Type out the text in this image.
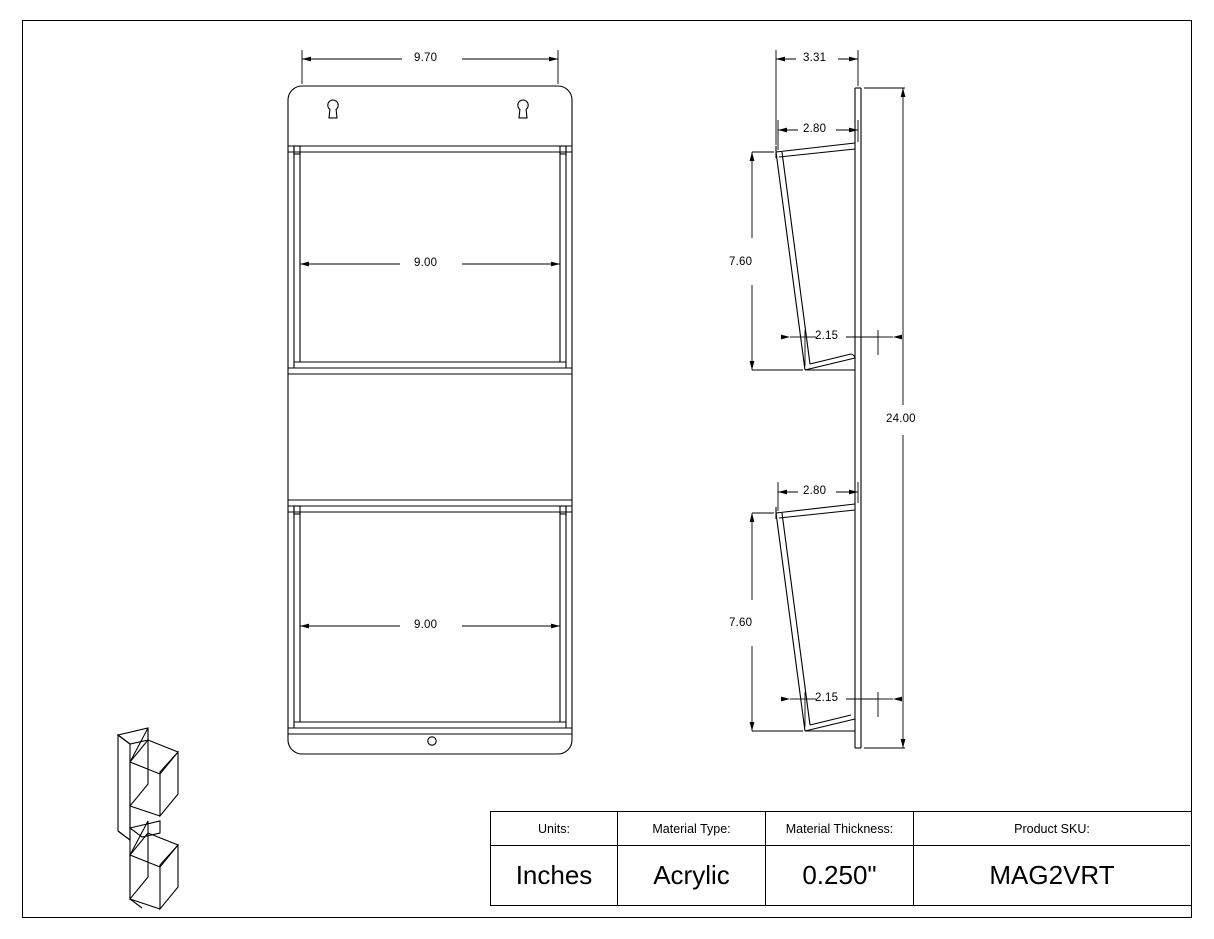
9.70
9.00
9.00
3.31
2.80
7.60
2.15
2.80
7.60
2.15
24.00
Units:
Inches
Material Type:
Acrylic
Material Thickness:
0.250"
Product SKU:
MAG2VRT
